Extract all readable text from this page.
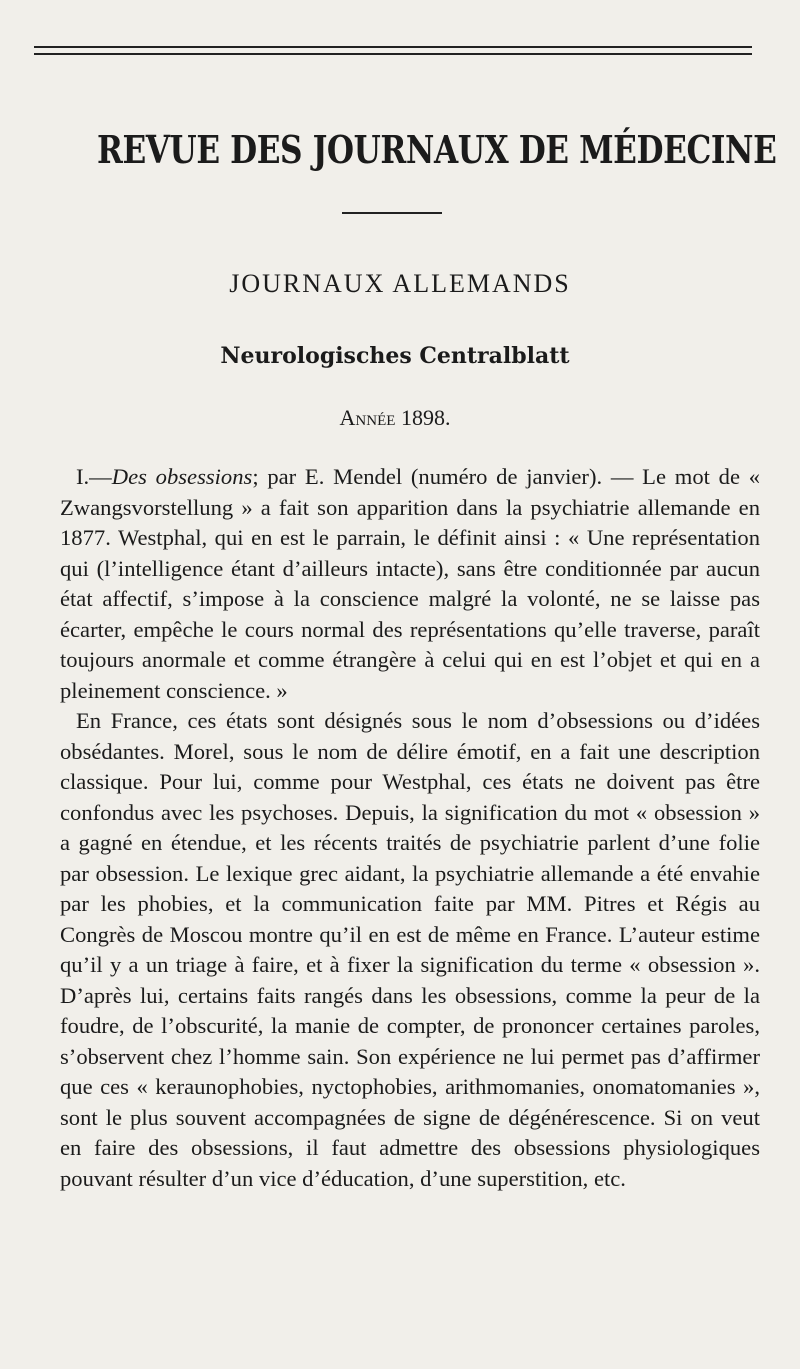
REVUE DES JOURNAUX DE MÉDECINE
JOURNAUX ALLEMANDS
Neurologisches Centralblatt
Année 1898.

I.—Des obsessions; par E. Mendel (numéro de janvier). — Le mot de « Zwangsvorstellung » a fait son apparition dans la psychiatrie allemande en 1877. Westphal, qui en est le parrain, le définit ainsi : « Une représentation qui (l’intelligence étant d’ailleurs intacte), sans être conditionnée par aucun état affectif, s’impose à la conscience malgré la volonté, ne se laisse pas écarter, empêche le cours normal des représentations qu’elle traverse, paraît toujours anormale et comme étrangère à celui qui en est l’objet et qui en a pleinement conscience. »

En France, ces états sont désignés sous le nom d’obsessions ou d’idées obsédantes. Morel, sous le nom de délire émotif, en a fait une description classique. Pour lui, comme pour Westphal, ces états ne doivent pas être confondus avec les psychoses. Depuis, la signification du mot « obsession » a gagné en étendue, et les récents traités de psychiatrie parlent d’une folie par obsession. Le lexique grec aidant, la psychiatrie allemande a été envahie par les phobies, et la communication faite par MM. Pitres et Régis au Congrès de Moscou montre qu’il en est de même en France. L’auteur estime qu’il y a un triage à faire, et à fixer la signification du terme « obsession ». D’après lui, certains faits rangés dans les obsessions, comme la peur de la foudre, de l’obscurité, la manie de compter, de prononcer certaines paroles, s’observent chez l’homme sain. Son expérience ne lui permet pas d’affirmer que ces « keraunophobies, nyctophobies, arithmomanies, onomatomanies », sont le plus souvent accompagnées de signe de dégénérescence. Si on veut en faire des obsessions, il faut admettre des obsessions physiologiques pouvant résulter d’un vice d’éducation, d’une superstition, etc.
